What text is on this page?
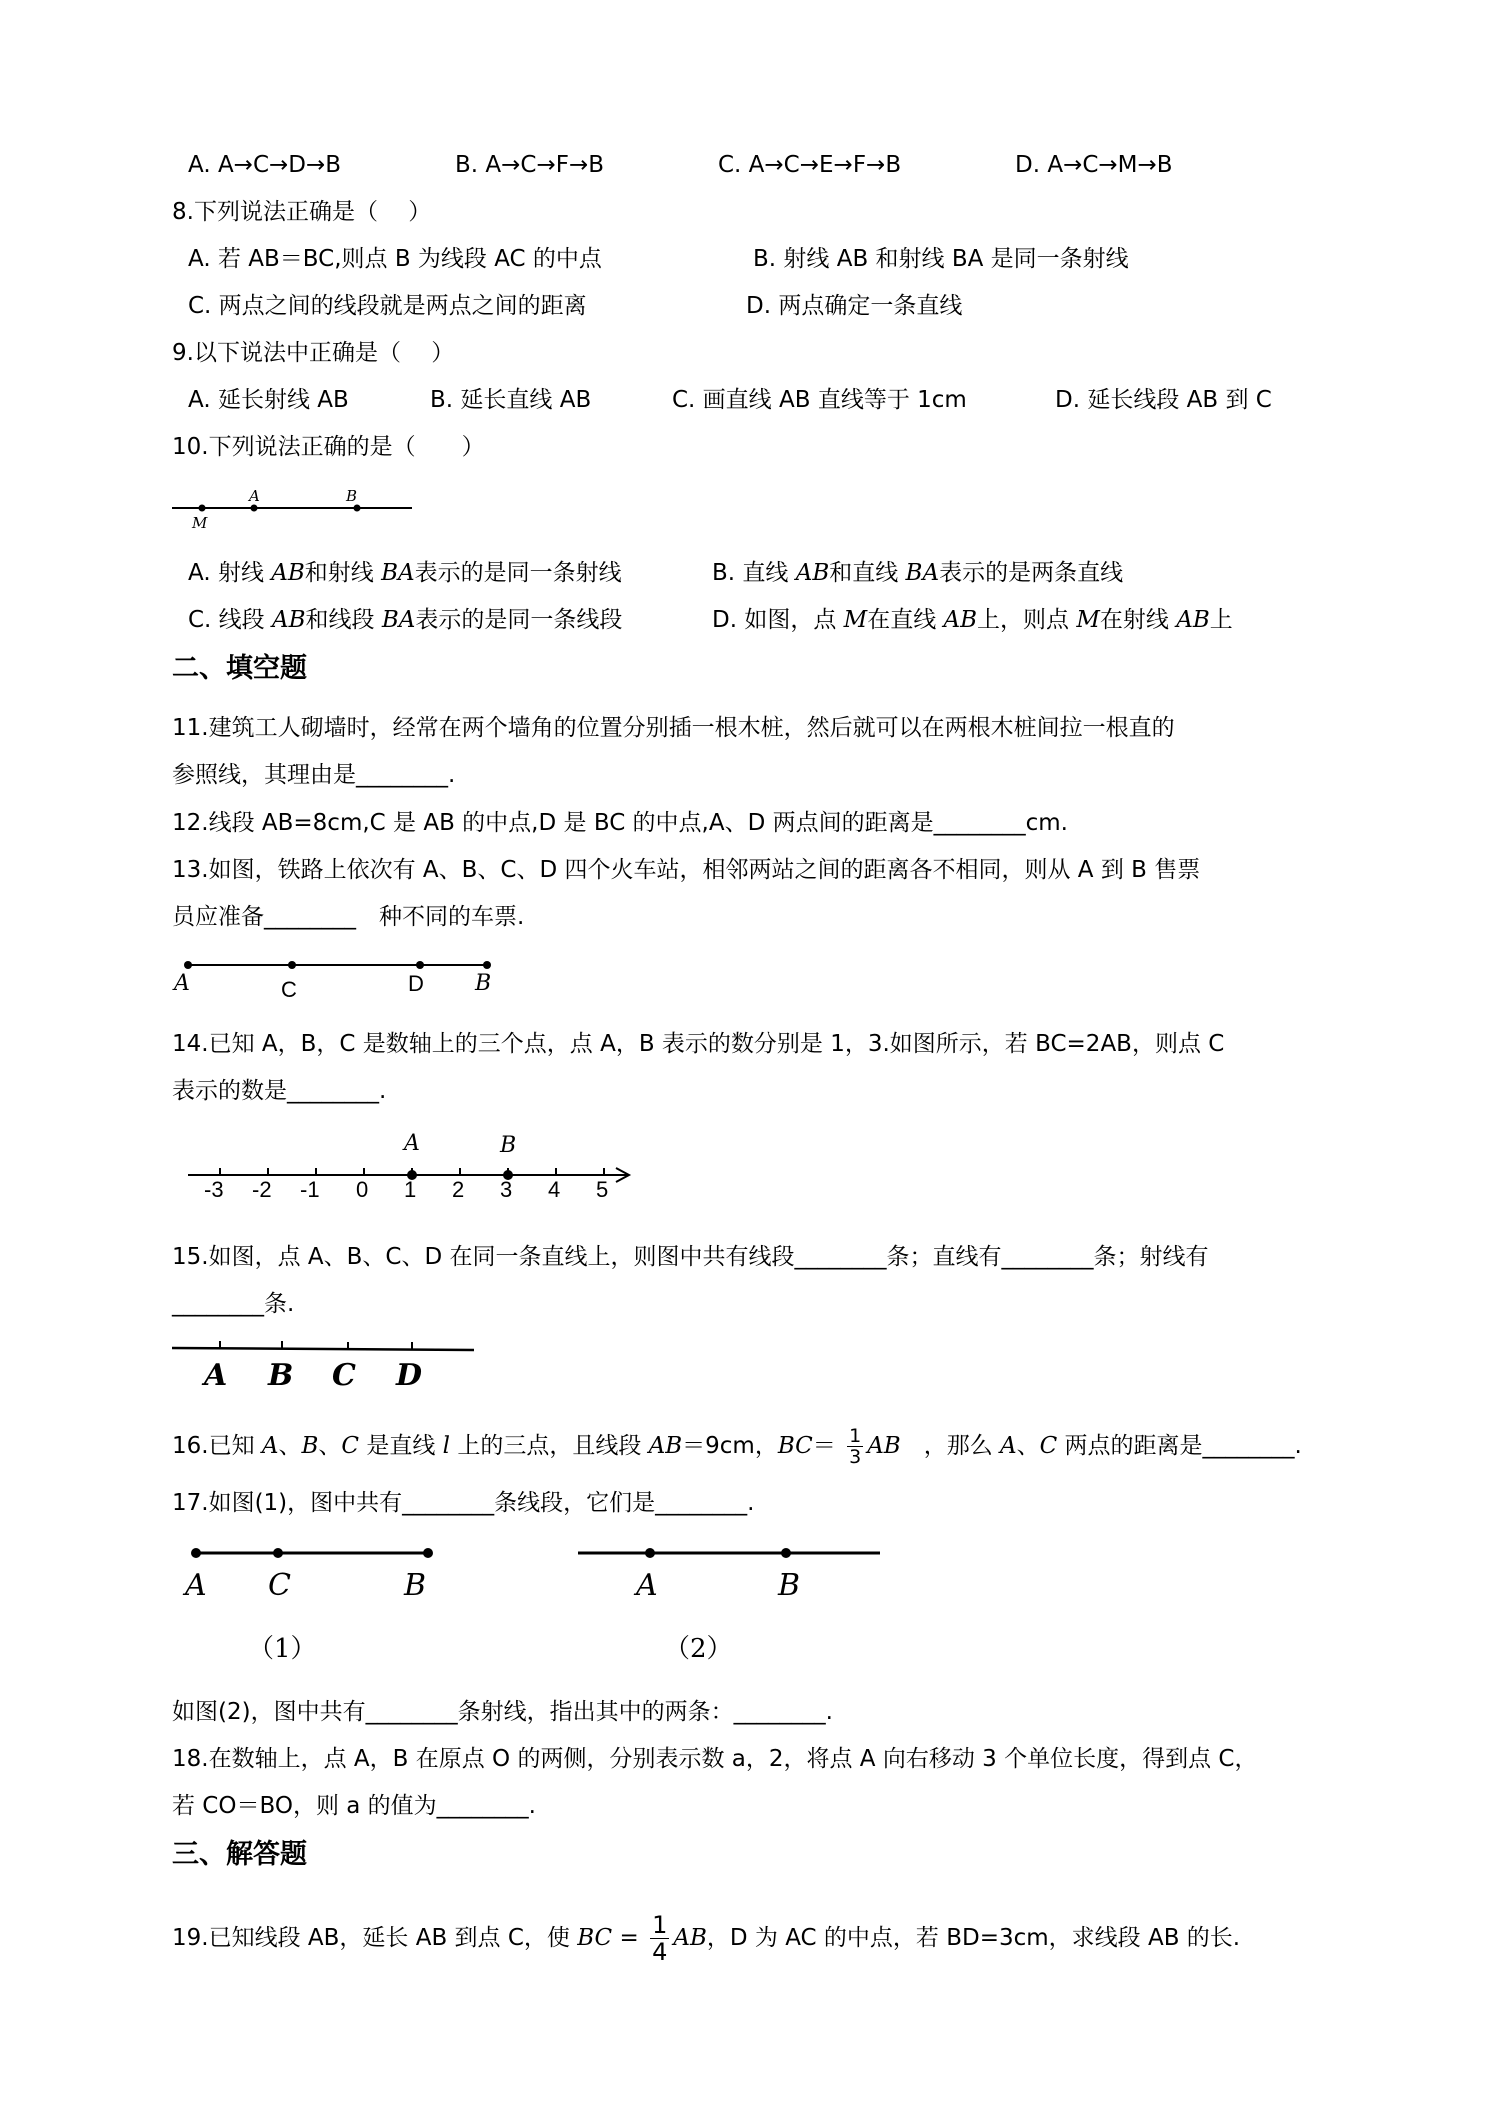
A. A→C→D→B	B. A→C→F→B	C. A→C→E→F→B	D. A→C→M→B
8.下列说法正确是（　 ）
A. 若 AB＝BC,则点 B 为线段 AC 的中点	B. 射线 AB 和射线 BA 是同一条射线
C. 两点之间的线段就是两点之间的距离	D. 两点确定一条直线
9.以下说法中正确是（　 ）
A. 延长射线 AB	B. 延长直线 AB	C. 画直线 AB 直线等于 1cm	D. 延长线段 AB 到 C
10.下列说法正确的是（　　）
M
A	B
A. 射线 AB和射线 BA表示的是同一条射线	B. 直线 AB和直线 BA表示的是两条直线
C. 线段 AB和线段 BA表示的是同一条线段	D. 如图，点 M在直线 AB上，则点 M在射线 AB上
二、填空题
11.建筑工人砌墙时，经常在两个墙角的位置分别插一根木桩，然后就可以在两根木桩间拉一根直的
参照线，其理由是________.
12.线段 AB=8cm,C 是 AB 的中点,D 是 BC 的中点,A、D 两点间的距离是________cm.
13.如图，铁路上依次有 A、B、C、D 四个火车站，相邻两站之间的距离各不相同，则从 A 到 B 售票
员应准备________　种不同的车票.
A	C	D B
14.已知 A，B，C 是数轴上的三个点，点 A，B 表示的数分别是 1，3.如图所示，若 BC=2AB，则点 C
表示的数是________.
A	B
-3 -2 -1 0 1 2 3 4 5
15.如图，点 A、B、C、D 在同一条直线上，则图中共有线段________条；直线有________条；射线有
________条.
A B C D
16.已知 A、B、C 是直线 l 上的三点，且线段 AB＝9cm，$BC= \frac{1}{3}$ AB　，那么 A、C 两点的距离是________.
17.如图(1)，图中共有________条线段，它们是________.
A C	B
（1）
A	B
（2）
如图(2)，图中共有________条射线，指出其中的两条：________.
18.在数轴上，点 A，B 在原点 O 的两侧，分别表示数 a，2，将点 A 向右移动 3 个单位长度，得到点 C，
若 CO＝BO，则 a 的值为________.
三、解答题
19.已知线段 AB，延长 AB 到点 C，使 BC = $\frac{1}{4}$ AB，D 为 AC 的中点，若 BD=3cm，求线段 AB 的长.
